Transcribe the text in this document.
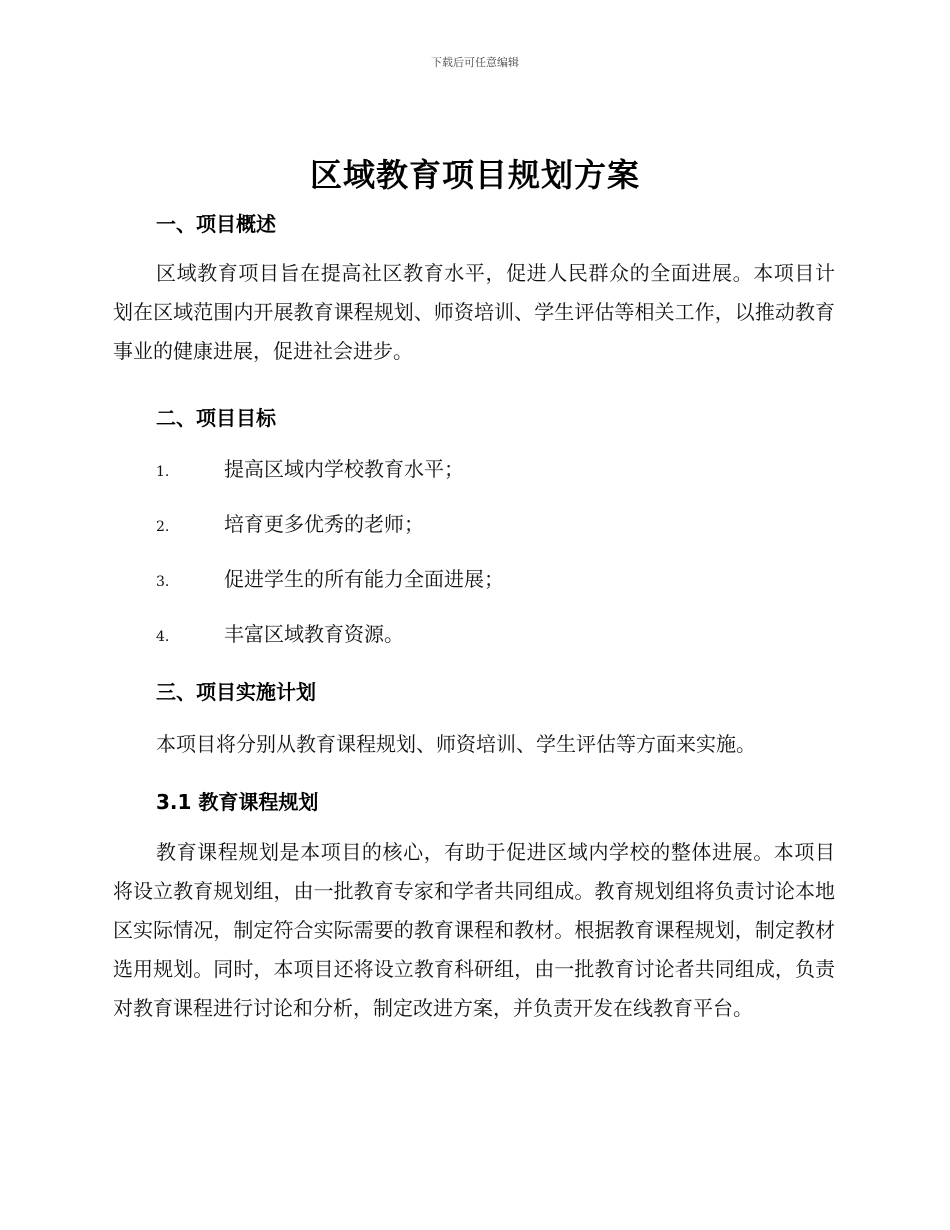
下载后可任意编辑
区域教育项目规划方案
一、项目概述
区域教育项目旨在提高社区教育水平，促进人民群众的全面进展。本项目计划在区域范围内开展教育课程规划、师资培训、学生评估等相关工作，以推动教育事业的健康进展，促进社会进步。
二、项目目标
1.	提高区域内学校教育水平；
2.	培育更多优秀的老师；
3.	促进学生的所有能力全面进展；
4.	丰富区域教育资源。
三、项目实施计划
本项目将分别从教育课程规划、师资培训、学生评估等方面来实施。
3.1 教育课程规划
教育课程规划是本项目的核心，有助于促进区域内学校的整体进展。本项目将设立教育规划组，由一批教育专家和学者共同组成。教育规划组将负责讨论本地区实际情况，制定符合实际需要的教育课程和教材。根据教育课程规划，制定教材选用规划。同时，本项目还将设立教育科研组，由一批教育讨论者共同组成，负责对教育课程进行讨论和分析，制定改进方案，并负责开发在线教育平台。
